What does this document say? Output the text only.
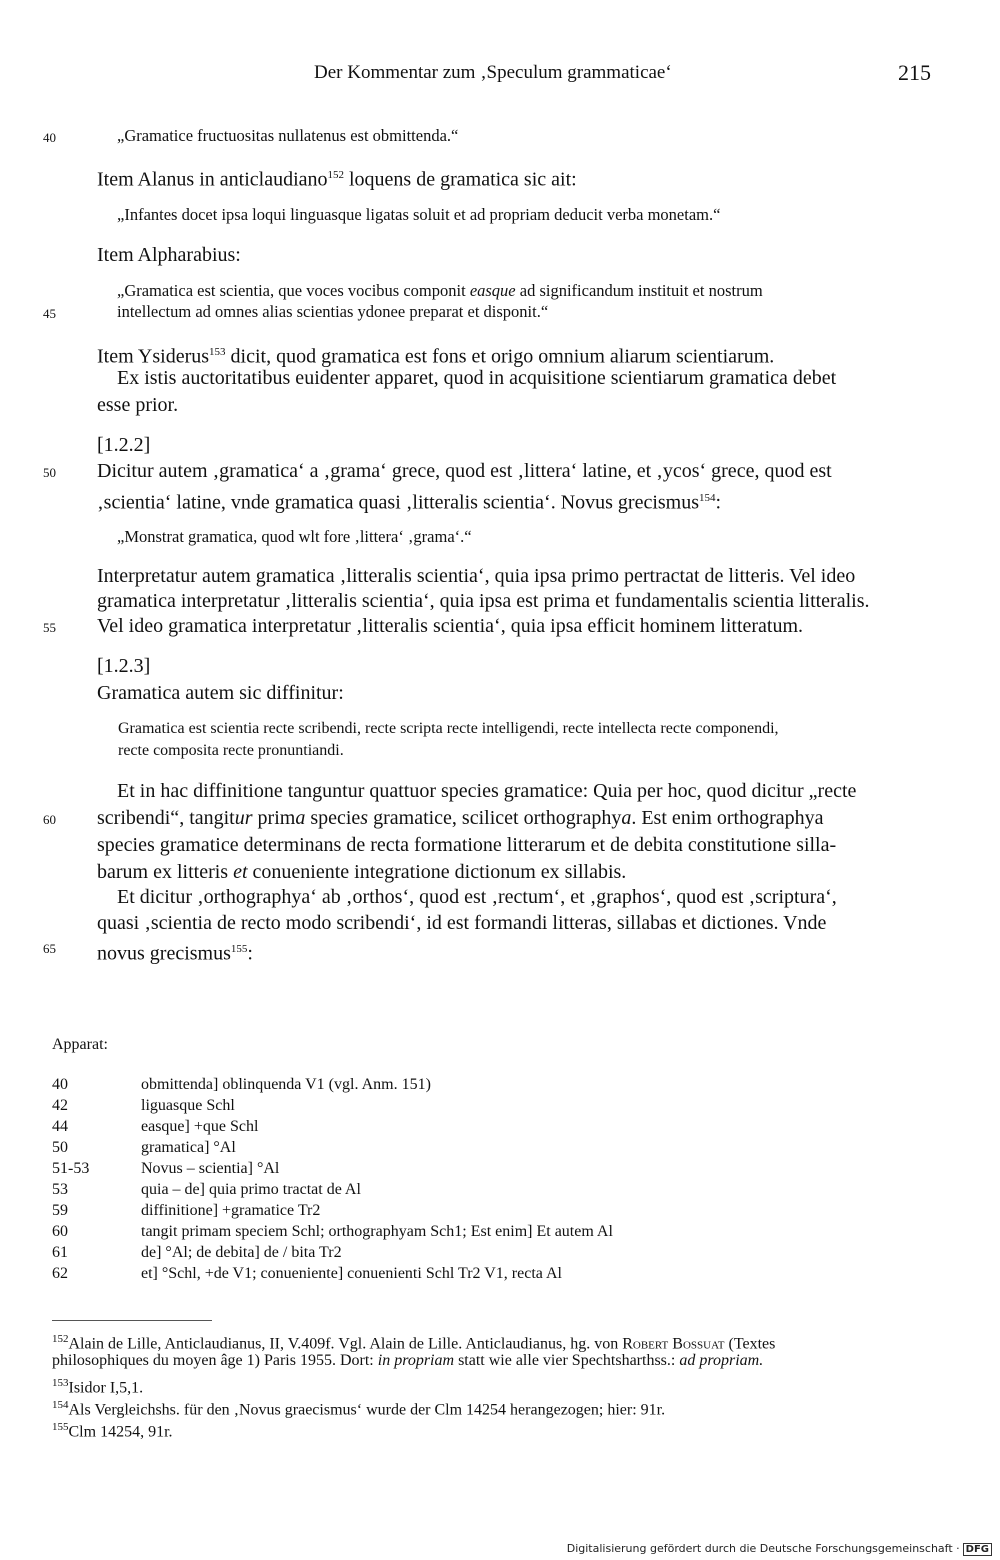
Der Kommentar zum ‚Speculum grammaticae‘	215
40
45
50
55
60
65
„Gramatice fructuositas nullatenus est obmittenda.“
Item Alanus in anticlaudiano$^{152}$ loquens de gramatica sic ait:
„Infantes docet ipsa loqui linguasque ligatas soluit et ad propriam deducit verba monetam.“
Item Alpharabius:
„Gramatica est scientia, que voces vocibus componit easque ad significandum instituit et nostrum
intellectum ad omnes alias scientias ydonee preparat et disponit.“
Item Ysiderus$^{153}$ dicit, quod gramatica est fons et origo omnium aliarum scientiarum.
Ex istis auctoritatibus euidenter apparet, quod in acquisitione scientiarum gramatica debet
esse prior.
[1.2.2]
Dicitur autem ‚gramatica‘ a ‚grama‘ grece, quod est ‚littera‘ latine, et ‚ycos‘ grece, quod est
‚scientia‘ latine, vnde gramatica quasi ‚litteralis scientia‘. Novus grecismus$^{154}$:
„Monstrat gramatica, quod wlt fore ‚littera‘ ‚grama‘.“
Interpretatur autem gramatica ‚litteralis scientia‘, quia ipsa primo pertractat de litteris. Vel ideo
gramatica interpretatur ‚litteralis scientia‘, quia ipsa est prima et fundamentalis scientia litteralis.
Vel ideo gramatica interpretatur ‚litteralis scientia‘, quia ipsa efficit hominem litteratum.
[1.2.3]
Gramatica autem sic diffinitur:
Gramatica est scientia recte scribendi, recte scripta recte intelligendi, recte intellecta recte componendi,
recte composita recte pronuntiandi.
Et in hac diffinitione tanguntur quattuor species gramatice: Quia per hoc, quod dicitur „recte
scribendi“, tangitur prima species gramatice, scilicet orthographya. Est enim orthographya
species gramatice determinans de recta formatione litterarum et de debita constitutione silla-
barum ex litteris et conueniente integratione dictionum ex sillabis.
Et dicitur ‚orthographya‘ ab ‚orthos‘, quod est ‚rectum‘, et ‚graphos‘, quod est ‚scriptura‘,
quasi ‚scientia de recto modo scribendi‘, id est formandi litteras, sillabas et dictiones. Vnde
novus grecismus$^{155}$:
Apparat:
40	obmittenda] oblinquenda V1 (vgl. Anm. 151)
42	liguasque Schl
44	easque] +que Schl
50	gramatica] °Al
51-53	Novus – scientia] °Al
53	quia – de] quia primo tractat de Al
59	diffinitione] +gramatice Tr2
60	tangit primam speciem Schl; orthographyam Sch1; Est enim] Et autem Al
61	de] °Al; de debita] de / bita Tr2
62	et] °Schl, +de V1; conueniente] conuenienti Schl Tr2 V1, recta Al
$^{152}$Alain de Lille, Anticlaudianus, II, V.409f. Vgl. Alain de Lille. Anticlaudianus, hg. von Robert Bossuat (Textes
philosophiques du moyen âge 1) Paris 1955. Dort: in propriam statt wie alle vier Spechtsharthss.: ad propriam.
$^{153}$Isidor I,5,1.
$^{154}$Als Vergleichshs. für den ‚Novus graecismus‘ wurde der Clm 14254 herangezogen; hier: 91r.
$^{155}$Clm 14254, 91r.
Digitalisierung gefördert durch die Deutsche Forschungsgemeinschaft · DFG
